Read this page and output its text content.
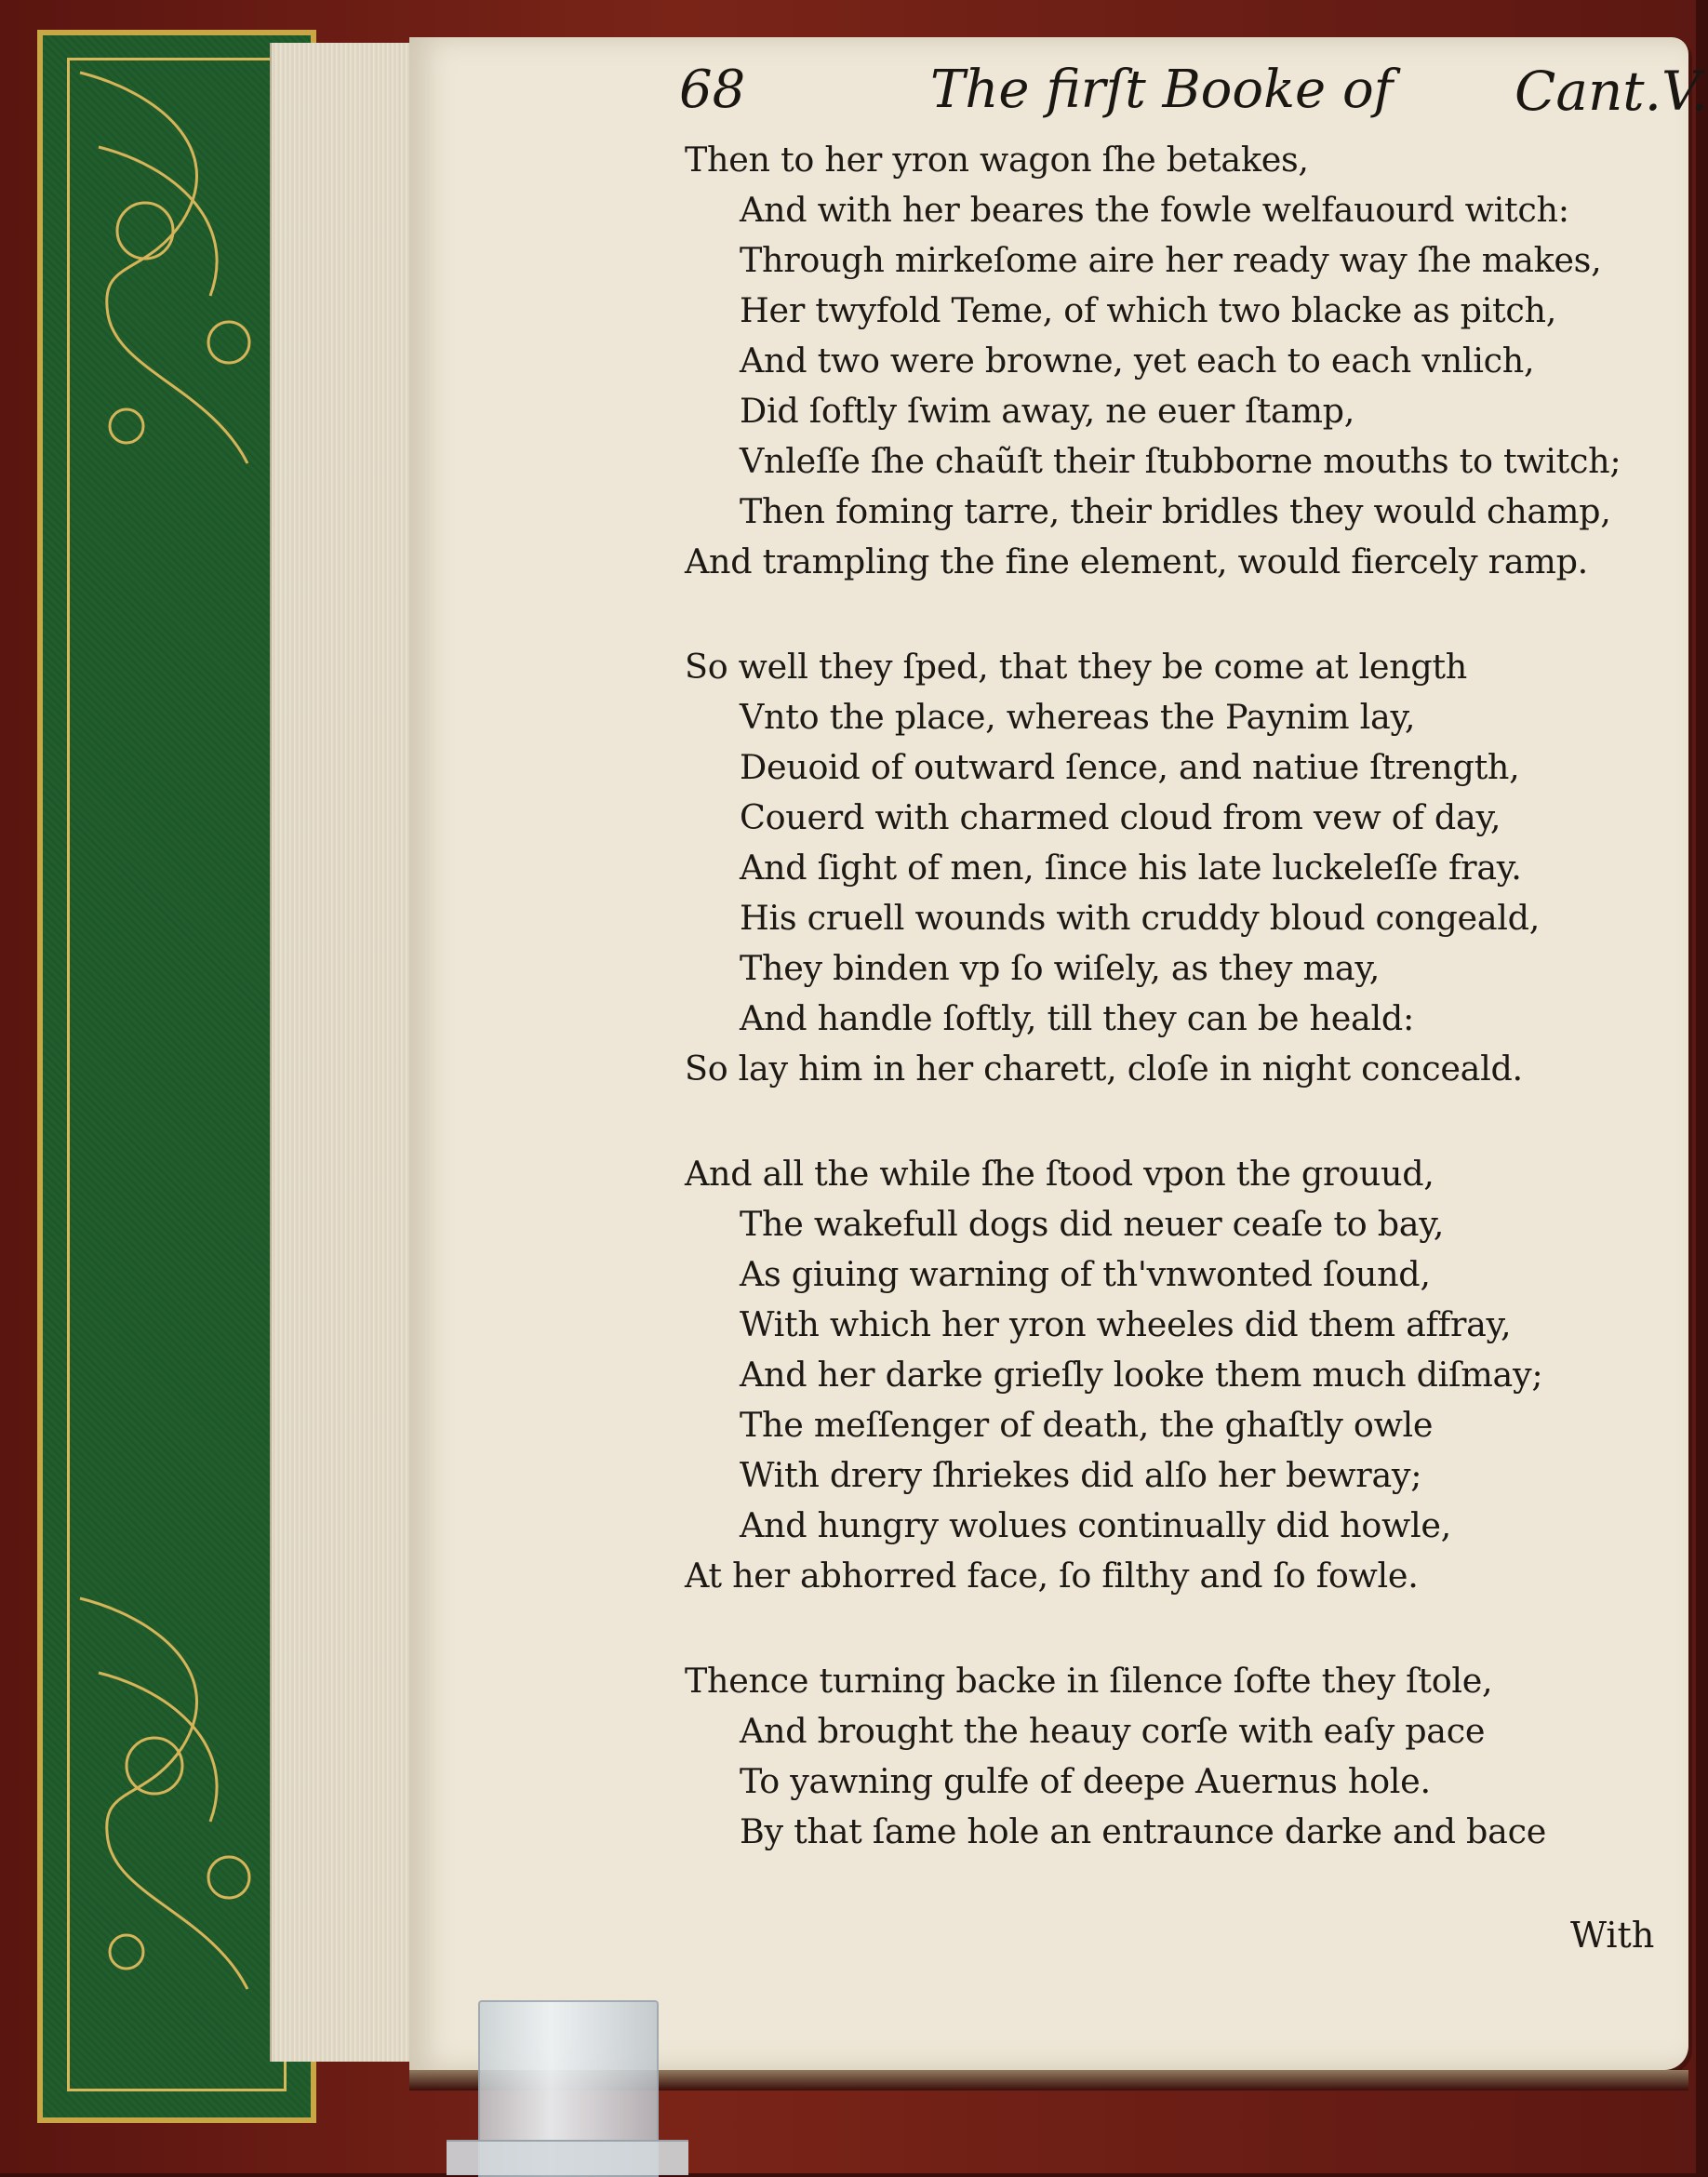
68	The firſt Booke of Cant.V.
Then to her yron wagon ſhe betakes,
And with her beares the fowle welfauourd witch:
Through mirkeſome aire her ready way ſhe makes,
Her twyfold Teme, of which two blacke as pitch,
And two were browne, yet each to each vnlich,
Did ſoftly ſwim away, ne euer ſtamp,
Vnleſſe ſhe chaũſt their ſtubborne mouths to twitch;
Then foming tarre, their bridles they would champ,
And trampling the fine element, would fiercely ramp.
So well they ſped, that they be come at length
Vnto the place, whereas the Paynim lay,
Deuoid of outward ſence, and natiue ſtrength,
Couerd with charmed cloud from vew of day,
And ſight of men, ſince his late luckeleſſe fray.
His cruell wounds with cruddy bloud congeald,
They binden vp ſo wiſely, as they may,
And handle ſoftly, till they can be heald:
So lay him in her charett, cloſe in night conceald.
And all the while ſhe ſtood vpon the grouud,
The wakefull dogs did neuer ceaſe to bay,
As giuing warning of th'vnwonted ſound,
With which her yron wheeles did them affray,
And her darke grieſly looke them much diſmay;
The meſſenger of death, the ghaſtly owle
With drery ſhriekes did alſo her bewray;
And hungry wolues continually did howle,
At her abhorred face, ſo filthy and ſo fowle.
Thence turning backe in ſilence ſofte they ſtole,
And brought the heauy corſe with eaſy pace
To yawning gulfe of deepe Auernus hole.
By that ſame hole an entraunce darke and bace
With
